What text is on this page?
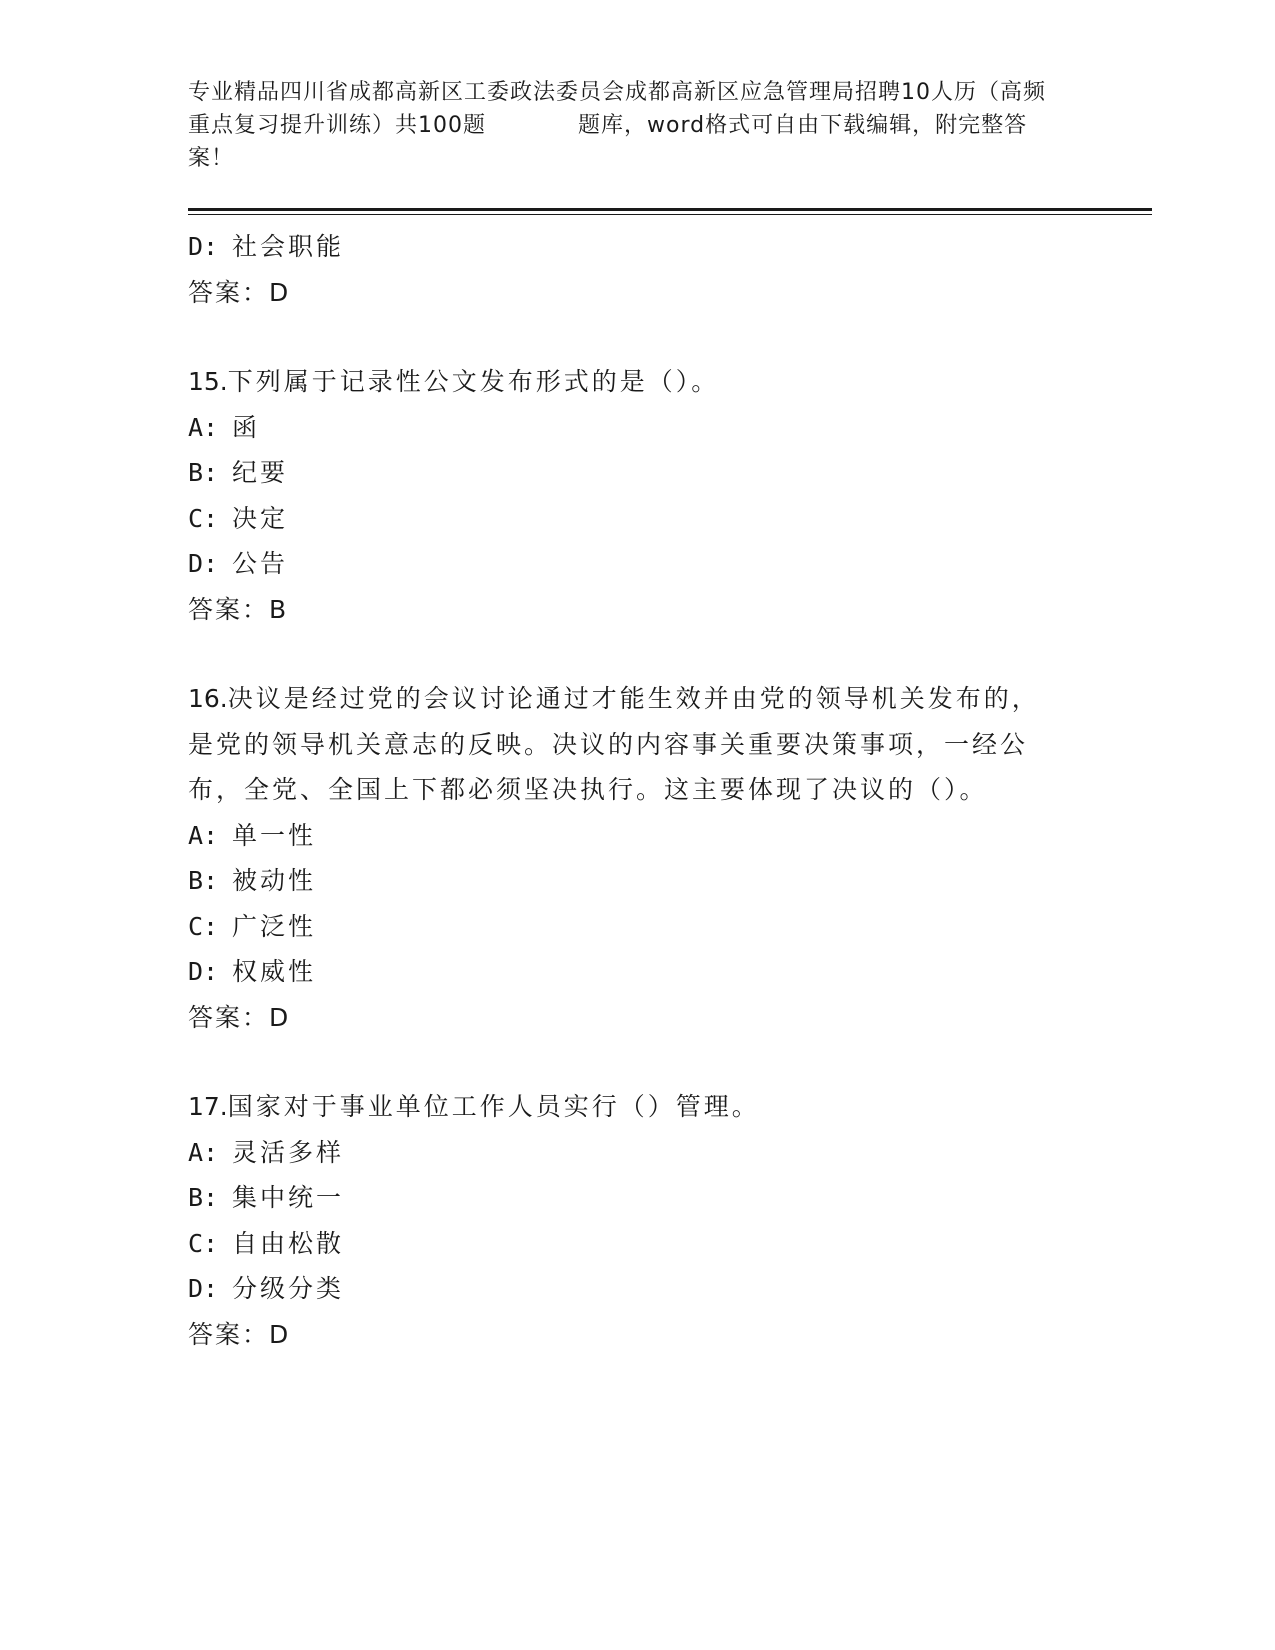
专业精品四川省成都高新区工委政法委员会成都高新区应急管理局招聘10人历（高频重点复习提升训练）共100题　　　　题库，word格式可自由下载编辑，附完整答案！
D: 社会职能
答案：D
15.下列属于记录性公文发布形式的是（）。
A: 函
B: 纪要
C: 决定
D: 公告
答案：B
16.决议是经过党的会议讨论通过才能生效并由党的领导机关发布的，
是党的领导机关意志的反映。决议的内容事关重要决策事项，一经公
布，全党、全国上下都必须坚决执行。这主要体现了决议的（）。
A: 单一性
B: 被动性
C: 广泛性
D: 权威性
答案：D
17.国家对于事业单位工作人员实行（）管理。
A: 灵活多样
B: 集中统一
C: 自由松散
D: 分级分类
答案：D
